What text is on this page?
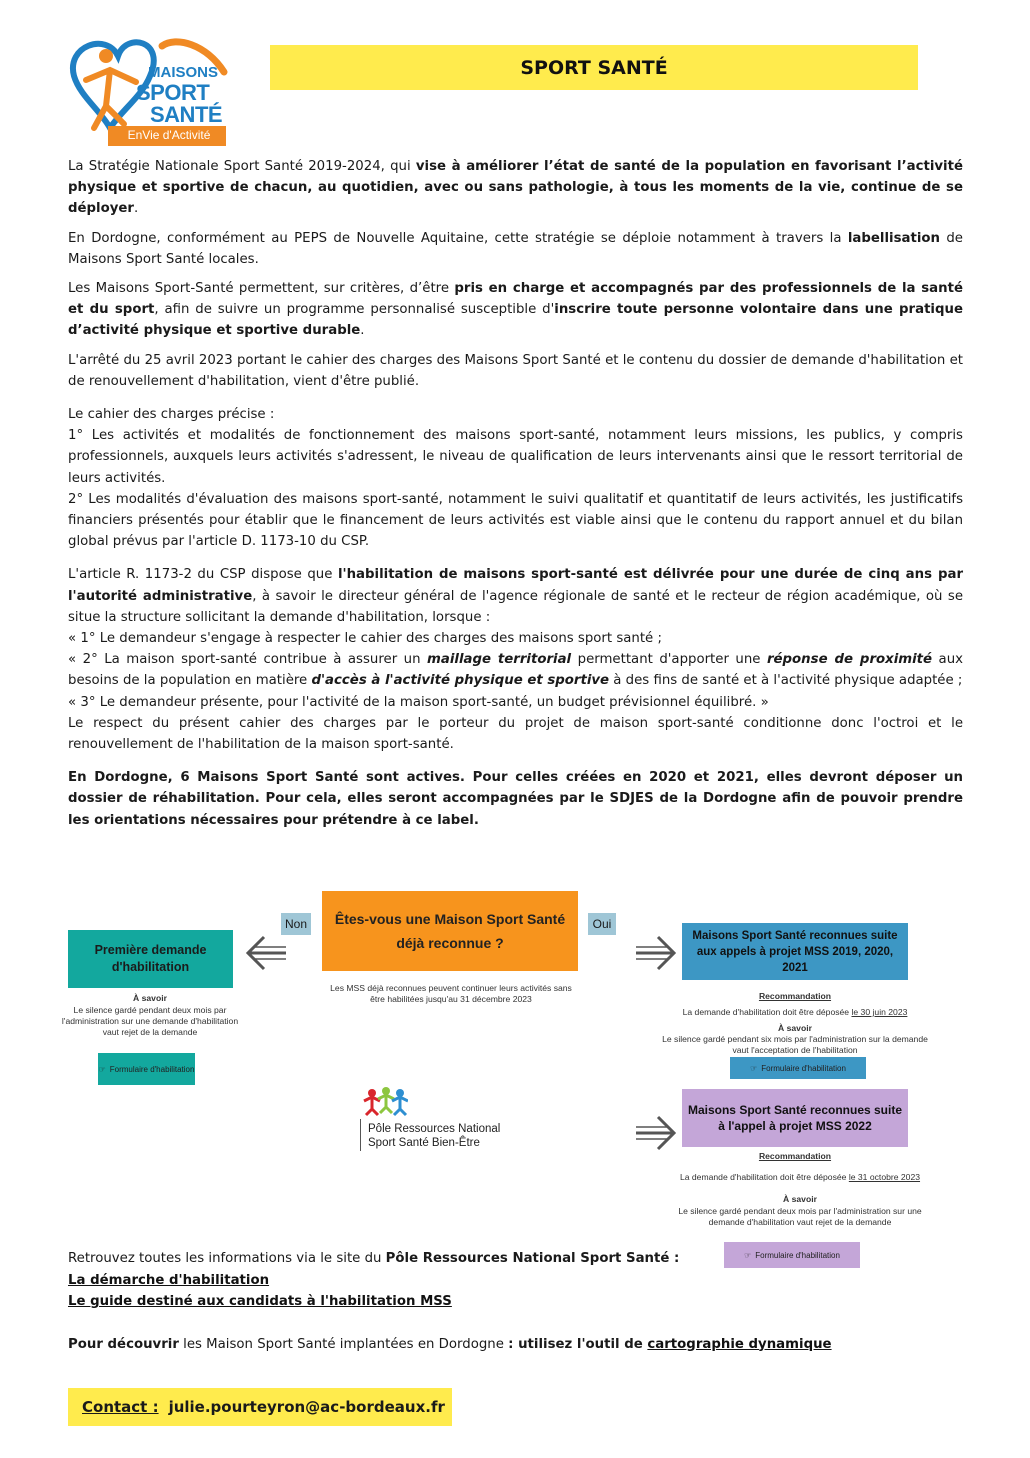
MAISONS
SPORT
SANTÉ
EnVie d'Activité
SPORT SANTÉ

La Stratégie Nationale Sport Santé 2019-2024, qui vise à améliorer l’état de santé de la population en favorisant l’activité physique et sportive de chacun, au quotidien, avec ou sans pathologie, à tous les moments de la vie, continue de se déployer.

En Dordogne, conformément au PEPS de Nouvelle Aquitaine, cette stratégie se déploie notamment à travers la labellisation de Maisons Sport Santé locales.

Les Maisons Sport-Santé permettent, sur critères, d’être pris en charge et accompagnés par des professionnels de la santé et du sport, afin de suivre un programme personnalisé susceptible d'inscrire toute personne volontaire dans une pratique d’activité physique et sportive durable.

L'arrêté du 25 avril 2023 portant le cahier des charges des Maisons Sport Santé et le contenu du dossier de demande d'habilitation et de renouvellement d'habilitation, vient d'être publié.

Le cahier des charges précise :
1° Les activités et modalités de fonctionnement des maisons sport-santé, notamment leurs missions, les publics, y compris professionnels, auxquels leurs activités s'adressent, le niveau de qualification de leurs intervenants ainsi que le ressort territorial de leurs activités.
2° Les modalités d'évaluation des maisons sport-santé, notamment le suivi qualitatif et quantitatif de leurs activités, les justificatifs financiers présentés pour établir que le financement de leurs activités est viable ainsi que le contenu du rapport annuel et du bilan global prévus par l'article D. 1173-10 du CSP.

L'article R. 1173-2 du CSP dispose que l'habilitation de maisons sport-santé est délivrée pour une durée de cinq ans par l'autorité administrative, à savoir le directeur général de l'agence régionale de santé et le recteur de région académique, où se situe la structure sollicitant la demande d'habilitation, lorsque :
« 1° Le demandeur s'engage à respecter le cahier des charges des maisons sport santé ;
« 2° La maison sport-santé contribue à assurer un maillage territorial permettant d'apporter une réponse de proximité aux besoins de la population en matière d'accès à l'activité physique et sportive à des fins de santé et à l'activité physique adaptée ;
« 3° Le demandeur présente, pour l'activité de la maison sport-santé, un budget prévisionnel équilibré. »
Le respect du présent cahier des charges par le porteur du projet de maison sport-santé conditionne donc l'octroi et le renouvellement de l'habilitation de la maison sport-santé.

En Dordogne, 6 Maisons Sport Santé sont actives. Pour celles créées en 2020 et 2021, elles devront déposer un dossier de réhabilitation. Pour cela, elles seront accompagnées par le SDJES de la Dordogne afin de pouvoir prendre les orientations nécessaires pour prétendre à ce label.

Êtes-vous une Maison Sport Santé déjà reconnue ?
Les MSS déjà reconnues peuvent continuer leurs activités sans être habilitées jusqu'au 31 décembre 2023
Non	Oui
Première demande d'habilitation
À savoir
Le silence gardé pendant deux mois par l'administration sur une demande d'habilitation vaut rejet de la demande
☞ Formulaire d'habilitation
Pôle Ressources National
Sport Santé Bien-Être
Maisons Sport Santé reconnues suite aux appels à projet MSS 2019, 2020, 2021
Recommandation
La demande d'habilitation doit être déposée le 30 juin 2023
À savoir
Le silence gardé pendant six mois par l'administration sur la demande vaut l'acceptation de l'habilitation
☞ Formulaire d'habilitation
Maisons Sport Santé reconnues suite à l'appel à projet MSS 2022
Recommandation
La demande d'habilitation doit être déposée le 31 octobre 2023
À savoir
Le silence gardé pendant deux mois par l'administration sur une demande d'habilitation vaut rejet de la demande
☞ Formulaire d'habilitation
Retrouvez toutes les informations via le site du Pôle Ressources National Sport Santé :
La démarche d'habilitation
Le guide destiné aux candidats à l'habilitation MSS
Pour découvrir les Maison Sport Santé implantées en Dordogne : utilisez l'outil de cartographie dynamique
Contact : julie.pourteyron@ac-bordeaux.fr
